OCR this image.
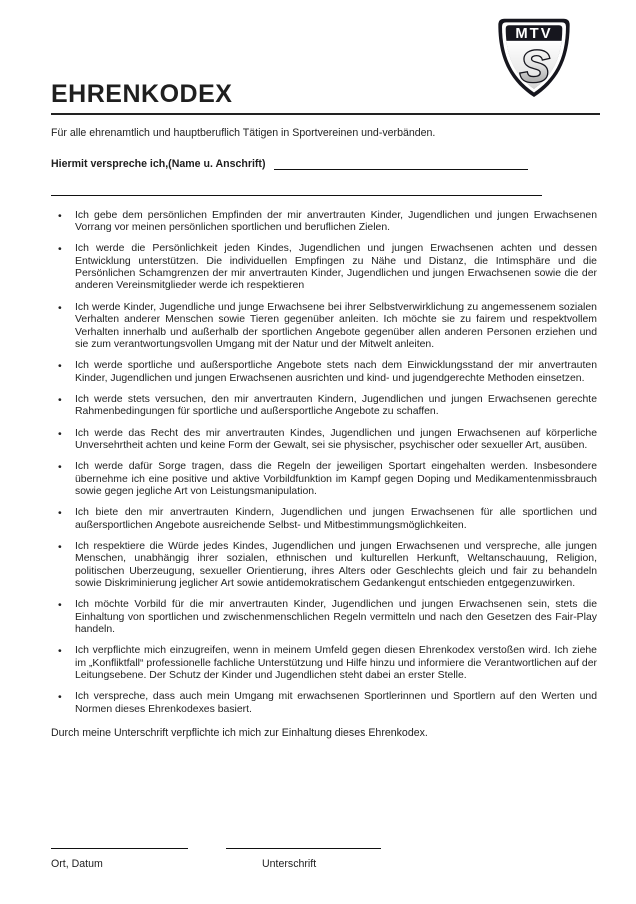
MTV
S
EHRENKODEX

Für alle ehrenamtlich und hauptberuflich Tätigen in Sportvereinen und-verbänden.

Hiermit verspreche ich,(Name u. Anschrift)
• Ich gebe dem persönlichen Empfinden der mir anvertrauten Kinder, Jugendlichen und jungen Erwachsenen Vorrang vor meinen persönlichen sportlichen und beruflichen Zielen.
• Ich werde die Persönlichkeit jeden Kindes, Jugendlichen und jungen Erwachsenen achten und dessen Entwicklung unterstützen. Die individuellen Empfingen zu Nähe und Distanz, die Intimsphäre und die Persönlichen Schamgrenzen der mir anvertrauten Kinder, Jugendlichen und jungen Erwachsenen sowie die der anderen Vereinsmitglieder werde ich respektieren
• Ich werde Kinder, Jugendliche und junge Erwachsene bei ihrer Selbstverwirklichung zu angemessenem sozialen Verhalten anderer Menschen sowie Tieren gegenüber anleiten. Ich möchte sie zu fairem und respektvollem Verhalten innerhalb und außerhalb der sportlichen Angebote gegenüber allen anderen Personen erziehen und sie zum verantwortungsvollen Umgang mit der Natur und der Mitwelt anleiten.
• Ich werde sportliche und außersportliche Angebote stets nach dem Einwicklungsstand der mir anvertrauten Kinder, Jugendlichen und jungen Erwachsenen ausrichten und kind- und jugendgerechte Methoden einsetzen.
• Ich werde stets versuchen, den mir anvertrauten Kindern, Jugendlichen und jungen Erwachsenen gerechte Rahmenbedingungen für sportliche und außersportliche Angebote zu schaffen.
• Ich werde das Recht des mir anvertrauten Kindes, Jugendlichen und jungen Erwachsenen auf körperliche Unversehrtheit achten und keine Form der Gewalt, sei sie physischer, psychischer oder sexueller Art, ausüben.
• Ich werde dafür Sorge tragen, dass die Regeln der jeweiligen Sportart eingehalten werden. Insbesondere übernehme ich eine positive und aktive Vorbildfunktion im Kampf gegen Doping und Medikamentenmissbrauch sowie gegen jegliche Art von Leistungsmanipulation.
• Ich biete den mir anvertrauten Kindern, Jugendlichen und jungen Erwachsenen für alle sportlichen und außersportlichen Angebote ausreichende Selbst- und Mitbestimmungsmöglichkeiten.
• Ich respektiere die Würde jedes Kindes, Jugendlichen und jungen Erwachsenen und verspreche, alle jungen Menschen, unabhängig ihrer sozialen, ethnischen und kulturellen Herkunft, Weltanschauung, Religion, politischen Uberzeugung, sexueller Orientierung, ihres Alters oder Geschlechts gleich und fair zu behandeln sowie Diskriminierung jeglicher Art sowie antidemokratischem Gedankengut entschieden entgegenzuwirken.
• Ich möchte Vorbild für die mir anvertrauten Kinder, Jugendlichen und jungen Erwachsenen sein, stets die Einhaltung von sportlichen und zwischenmenschlichen Regeln vermitteln und nach den Gesetzen des Fair-Play handeln.
• Ich verpflichte mich einzugreifen, wenn in meinem Umfeld gegen diesen Ehrenkodex verstoßen wird. Ich ziehe im „Konfliktfall“ professionelle fachliche Unterstützung und Hilfe hinzu und informiere die Verantwortlichen auf der Leitungsebene. Der Schutz der Kinder und Jugendlichen steht dabei an erster Stelle.
• Ich verspreche, dass auch mein Umgang mit erwachsenen Sportlerinnen und Sportlern auf den Werten und Normen dieses Ehrenkodexes basiert.

Durch meine Unterschrift verpflichte ich mich zur Einhaltung dieses Ehrenkodex.

Ort, Datum	Unterschrift
